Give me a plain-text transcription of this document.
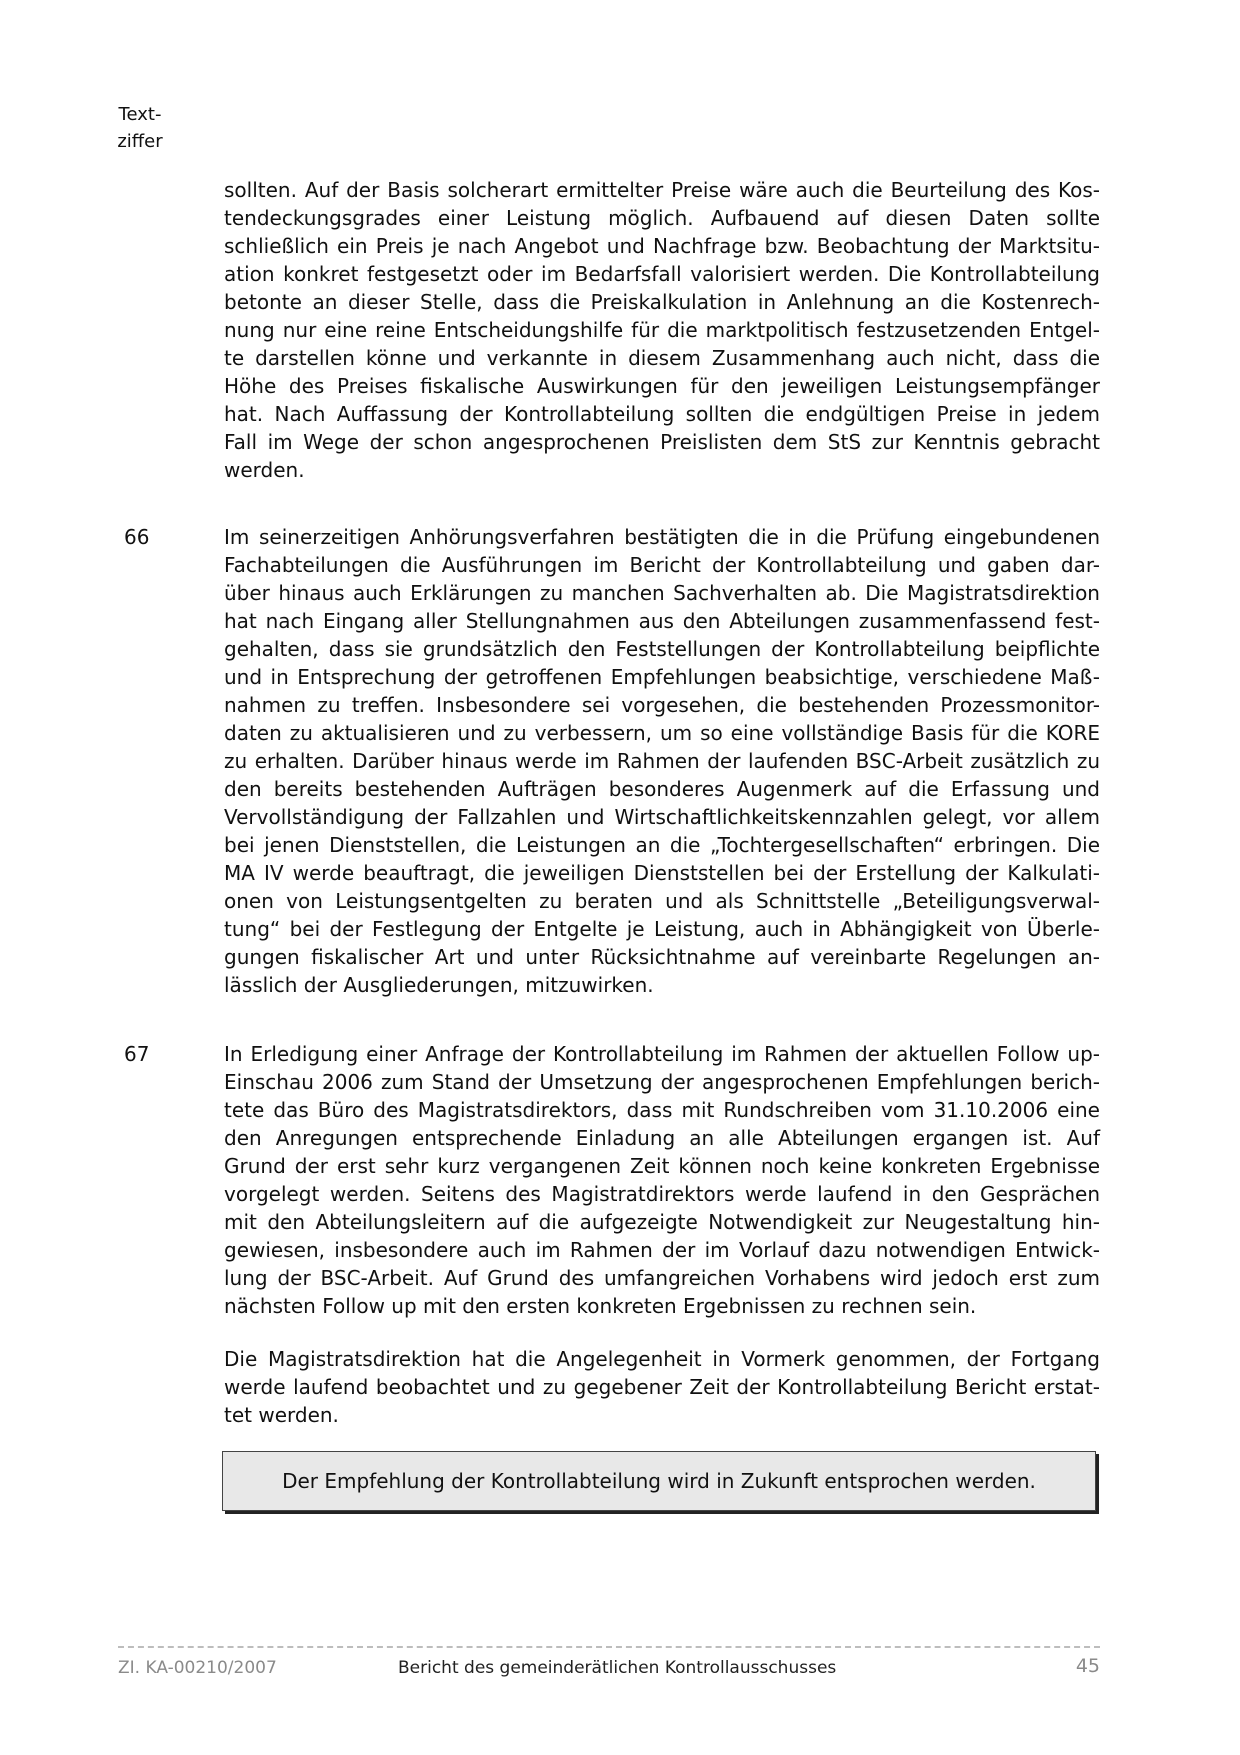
Text-
ziffer
sollten. Auf der Basis solcherart ermittelter Preise wäre auch die Beurteilung des Kos-
tendeckungsgrades einer Leistung möglich. Aufbauend auf diesen Daten sollte
schließlich ein Preis je nach Angebot und Nachfrage bzw. Beobachtung der Marktsitu-
ation konkret festgesetzt oder im Bedarfsfall valorisiert werden. Die Kontrollabteilung
betonte an dieser Stelle, dass die Preiskalkulation in Anlehnung an die Kostenrech-
nung nur eine reine Entscheidungshilfe für die marktpolitisch festzusetzenden Entgel-
te darstellen könne und verkannte in diesem Zusammenhang auch nicht, dass die
Höhe des Preises fiskalische Auswirkungen für den jeweiligen Leistungsempfänger
hat. Nach Auffassung der Kontrollabteilung sollten die endgültigen Preise in jedem
Fall im Wege der schon angesprochenen Preislisten dem StS zur Kenntnis gebracht
werden.
66	Im seinerzeitigen Anhörungsverfahren bestätigten die in die Prüfung eingebundenen
Fachabteilungen die Ausführungen im Bericht der Kontrollabteilung und gaben dar-
über hinaus auch Erklärungen zu manchen Sachverhalten ab. Die Magistratsdirektion
hat nach Eingang aller Stellungnahmen aus den Abteilungen zusammenfassend fest-
gehalten, dass sie grundsätzlich den Feststellungen der Kontrollabteilung beipflichte
und in Entsprechung der getroffenen Empfehlungen beabsichtige, verschiedene Maß-
nahmen zu treffen. Insbesondere sei vorgesehen, die bestehenden Prozessmonitor-
daten zu aktualisieren und zu verbessern, um so eine vollständige Basis für die KORE
zu erhalten. Darüber hinaus werde im Rahmen der laufenden BSC-Arbeit zusätzlich zu
den bereits bestehenden Aufträgen besonderes Augenmerk auf die Erfassung und
Vervollständigung der Fallzahlen und Wirtschaftlichkeitskennzahlen gelegt, vor allem
bei jenen Dienststellen, die Leistungen an die „Tochtergesellschaften“ erbringen. Die
MA IV werde beauftragt, die jeweiligen Dienststellen bei der Erstellung der Kalkulati-
onen von Leistungsentgelten zu beraten und als Schnittstelle „Beteiligungsverwal-
tung“ bei der Festlegung der Entgelte je Leistung, auch in Abhängigkeit von Überle-
gungen fiskalischer Art und unter Rücksichtnahme auf vereinbarte Regelungen an-
lässlich der Ausgliederungen, mitzuwirken.
67	In Erledigung einer Anfrage der Kontrollabteilung im Rahmen der aktuellen Follow up-
Einschau 2006 zum Stand der Umsetzung der angesprochenen Empfehlungen berich-
tete das Büro des Magistratsdirektors, dass mit Rundschreiben vom 31.10.2006 eine
den Anregungen entsprechende Einladung an alle Abteilungen ergangen ist. Auf
Grund der erst sehr kurz vergangenen Zeit können noch keine konkreten Ergebnisse
vorgelegt werden. Seitens des Magistratdirektors werde laufend in den Gesprächen
mit den Abteilungsleitern auf die aufgezeigte Notwendigkeit zur Neugestaltung hin-
gewiesen, insbesondere auch im Rahmen der im Vorlauf dazu notwendigen Entwick-
lung der BSC-Arbeit. Auf Grund des umfangreichen Vorhabens wird jedoch erst zum
nächsten Follow up mit den ersten konkreten Ergebnissen zu rechnen sein.
Die Magistratsdirektion hat die Angelegenheit in Vormerk genommen, der Fortgang
werde laufend beobachtet und zu gegebener Zeit der Kontrollabteilung Bericht erstat-
tet werden.
Der Empfehlung der Kontrollabteilung wird in Zukunft entsprochen werden.
ZI. KA-00210/2007	Bericht des gemeinderätlichen Kontrollausschusses	45
